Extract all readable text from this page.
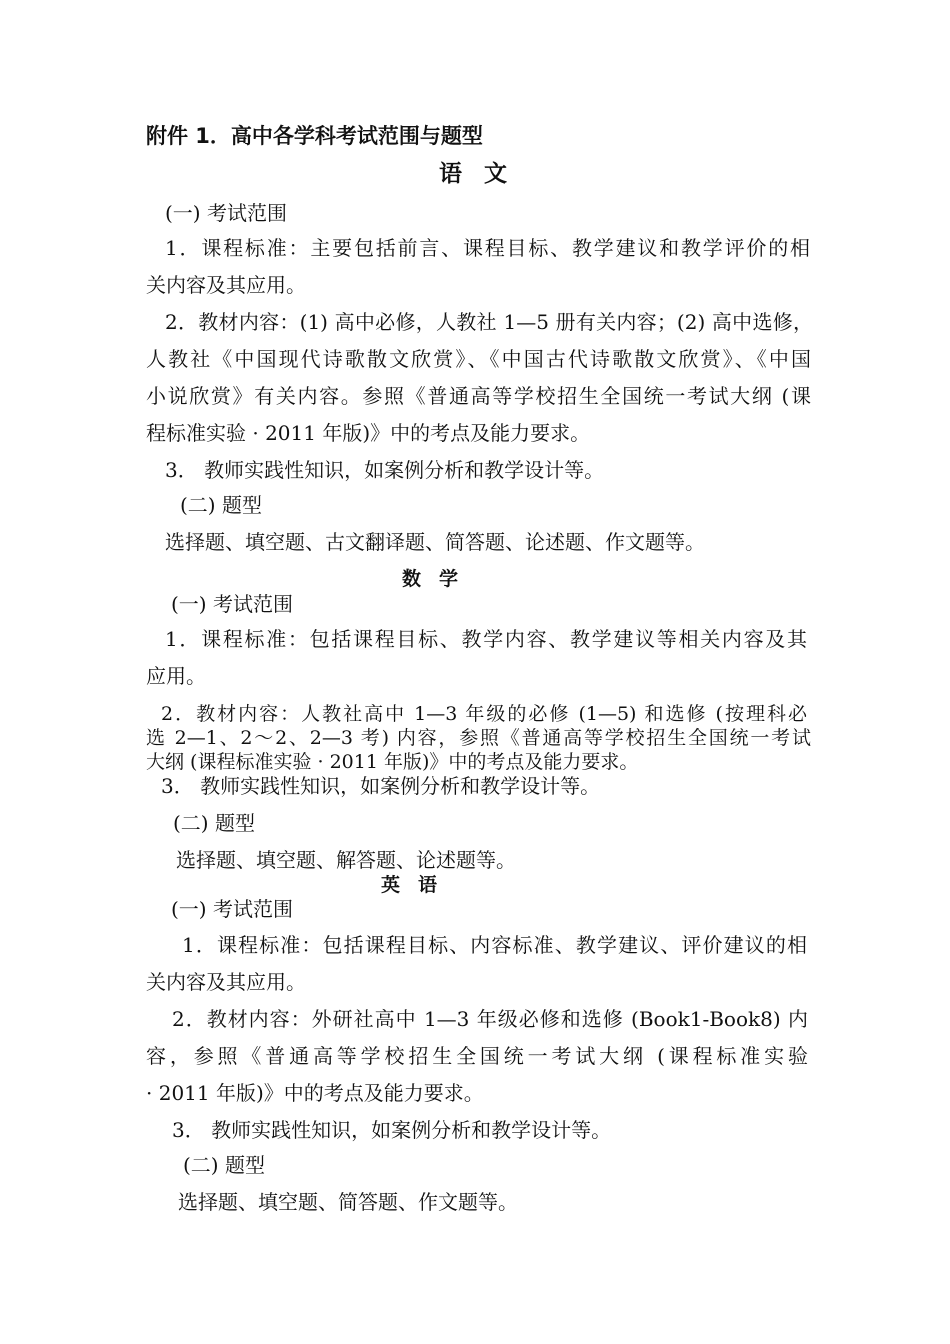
附件 1．高中各学科考试范围与题型
语文
(一) 考试范围
1．课程标准：主要包括前言、课程目标、教学建议和教学评价的相
关内容及其应用。
2．教材内容：(1) 高中必修，人教社 1—5 册有关内容；(2) 高中选修，
人教社《中国现代诗歌散文欣赏》、《中国古代诗歌散文欣赏》、《中国
小说欣赏》有关内容。参照《普通高等学校招生全国统一考试大纲 (课
程标准实验 · 2011 年版)》中的考点及能力要求。
3． 教师实践性知识，如案例分析和教学设计等。
(二) 题型
选择题、填空题、古文翻译题、简答题、论述题、作文题等。
数学
(一) 考试范围
1．课程标准：包括课程目标、教学内容、教学建议等相关内容及其
应用。
2．教材内容：人教社高中 1—3 年级的必修 (1—5) 和选修 (按理科必
选 2—1、2～2、2—3 考) 内容，参照《普通高等学校招生全国统一考试
大纲 (课程标准实验 · 2011 年版)》中的考点及能力要求。
3． 教师实践性知识，如案例分析和教学设计等。
(二) 题型
选择题、填空题、解答题、论述题等。
英语
(一) 考试范围
1．课程标准：包括课程目标、内容标准、教学建议、评价建议的相
关内容及其应用。
2．教材内容：外研社高中 1—3 年级必修和选修 (Book1-Book8) 内
容，参照《普通高等学校招生全国统一考试大纲 (课程标准实验
· 2011 年版)》中的考点及能力要求。
3． 教师实践性知识，如案例分析和教学设计等。
(二) 题型
选择题、填空题、简答题、作文题等。
